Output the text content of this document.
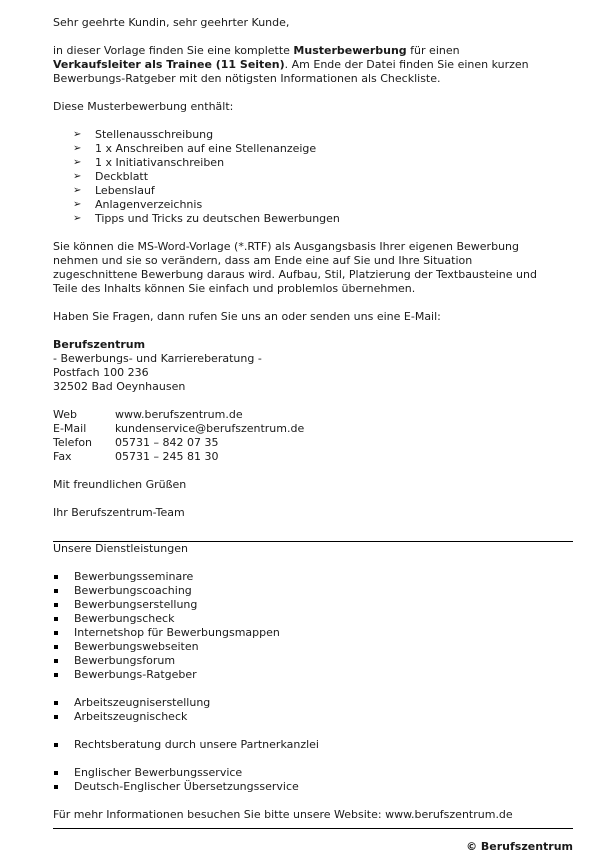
Sehr geehrte Kundin, sehr geehrter Kunde,

in dieser Vorlage finden Sie eine komplette Musterbewerbung für einen
Verkaufsleiter als Trainee (11 Seiten). Am Ende der Datei finden Sie einen kurzen
Bewerbungs-Ratgeber mit den nötigsten Informationen als Checkliste.

Diese Musterbewerbung enthält:

➢ Stellenausschreibung
➢ 1 x Anschreiben auf eine Stellenanzeige
➢ 1 x Initiativanschreiben
➢ Deckblatt
➢ Lebenslauf
➢ Anlagenverzeichnis
➢ Tipps und Tricks zu deutschen Bewerbungen

Sie können die MS-Word-Vorlage (*.RTF) als Ausgangsbasis Ihrer eigenen Bewerbung
nehmen und sie so verändern, dass am Ende eine auf Sie und Ihre Situation
zugeschnittene Bewerbung daraus wird. Aufbau, Stil, Platzierung der Textbausteine und
Teile des Inhalts können Sie einfach und problemlos übernehmen.

Haben Sie Fragen, dann rufen Sie uns an oder senden uns eine E-Mail:

Berufszentrum

- Bewerbungs- und Karriereberatung -

Postfach 100 236

32502 Bad Oeynhausen

Web	www.berufszentrum.de
E-Mail	kundenservice@berufszentrum.de
Telefon	05731 – 842 07 35
Fax	05731 – 245 81 30

Mit freundlichen Grüßen

Ihr Berufszentrum-Team

Unsere Dienstleistungen

Bewerbungsseminare
Bewerbungscoaching
Bewerbungserstellung
Bewerbungscheck
Internetshop für Bewerbungsmappen
Bewerbungswebseiten
Bewerbungsforum
Bewerbungs-Ratgeber
Arbeitszeugniserstellung
Arbeitszeugnischeck
Rechtsberatung durch unsere Partnerkanzlei
Englischer Bewerbungsservice
Deutsch-Englischer Übersetzungsservice

Für mehr Informationen besuchen Sie bitte unsere Website: www.berufszentrum.de

© Berufszentrum
